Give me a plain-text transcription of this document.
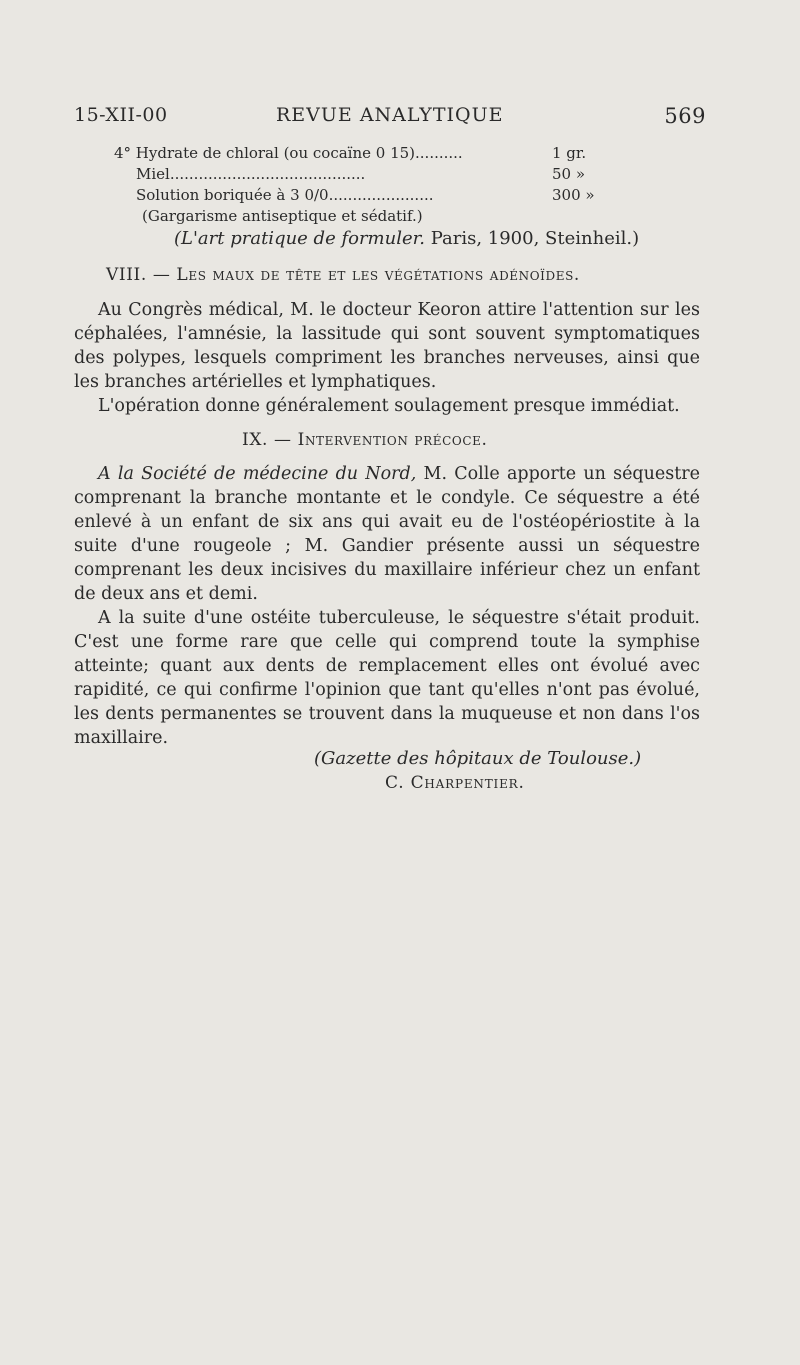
15-XII-00	REVUE ANALYTIQUE	569
4° Hydrate de chloral (ou cocaïne 0 15)..........	1 gr.
Miel.........................................	50 »
Solution boriquée à 3 0/0......................	300 »
(Gargarisme antiseptique et sédatif.)
(L'art pratique de formuler. Paris, 1900, Steinheil.)
VIII. — Les maux de tête et les végétations adénoïdes.

Au Congrès médical, M. le docteur Keoron attire l'attention sur les céphalées, l'amnésie, la lassitude qui sont souvent symptomatiques des polypes, lesquels compriment les branches nerveuses, ainsi que les branches artérielles et lymphatiques.

L'opération donne généralement soulagement presque immédiat.

IX. — Intervention précoce.

A la Société de médecine du Nord, M. Colle apporte un séquestre comprenant la branche montante et le condyle. Ce séquestre a été enlevé à un enfant de six ans qui avait eu de l'ostéopériostite à la suite d'une rougeole ; M. Gandier présente aussi un séquestre comprenant les deux incisives du maxillaire inférieur chez un enfant de deux ans et demi.

A la suite d'une ostéite tuberculeuse, le séquestre s'était produit. C'est une forme rare que celle qui comprend toute la symphise atteinte; quant aux dents de remplacement elles ont évolué avec rapidité, ce qui confirme l'opinion que tant qu'elles n'ont pas évolué, les dents permanentes se trouvent dans la muqueuse et non dans l'os maxillaire.

(Gazette des hôpitaux de Toulouse.)
C. Charpentier.
